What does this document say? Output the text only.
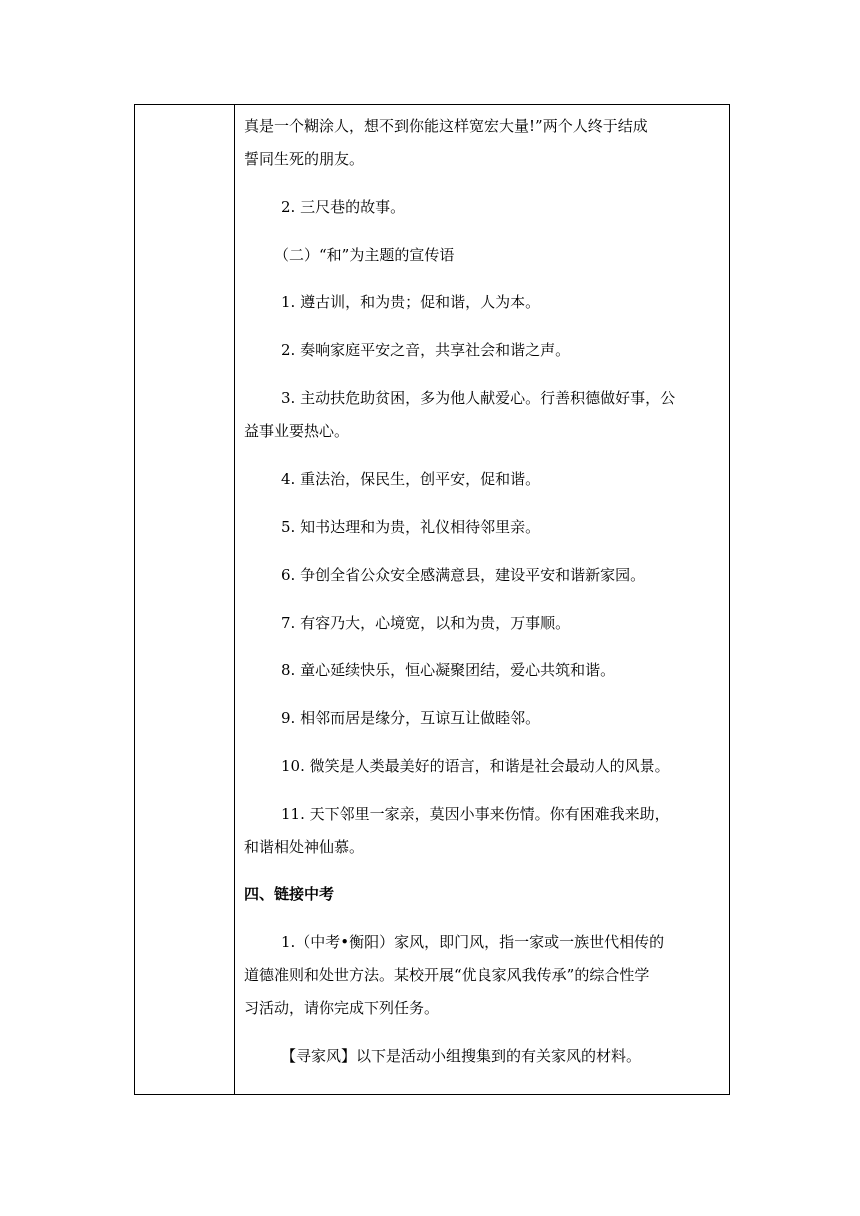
真是一个糊涂人，想不到你能这样宽宏大量!”两个人终于结成
誓同生死的朋友。
2. 三尺巷的故事。
（二）“和”为主题的宣传语
1. 遵古训，和为贵；促和谐，人为本。
2. 奏响家庭平安之音，共享社会和谐之声。
3. 主动扶危助贫困，多为他人献爱心。行善积德做好事，公
益事业要热心。
4. 重法治，保民生，创平安，促和谐。
5. 知书达理和为贵，礼仪相待邻里亲。
6. 争创全省公众安全感满意县，建设平安和谐新家园。
7. 有容乃大，心境宽，以和为贵，万事顺。
8. 童心延续快乐，恒心凝聚团结，爱心共筑和谐。
9. 相邻而居是缘分，互谅互让做睦邻。
10. 微笑是人类最美好的语言，和谐是社会最动人的风景。
11. 天下邻里一家亲，莫因小事来伤情。你有困难我来助，
和谐相处神仙慕。
四、链接中考
1.（中考•衡阳）家风，即门风，指一家或一族世代相传的
道德准则和处世方法。某校开展“优良家风我传承”的综合性学
习活动，请你完成下列任务。
【寻家风】以下是活动小组搜集到的有关家风的材料。
